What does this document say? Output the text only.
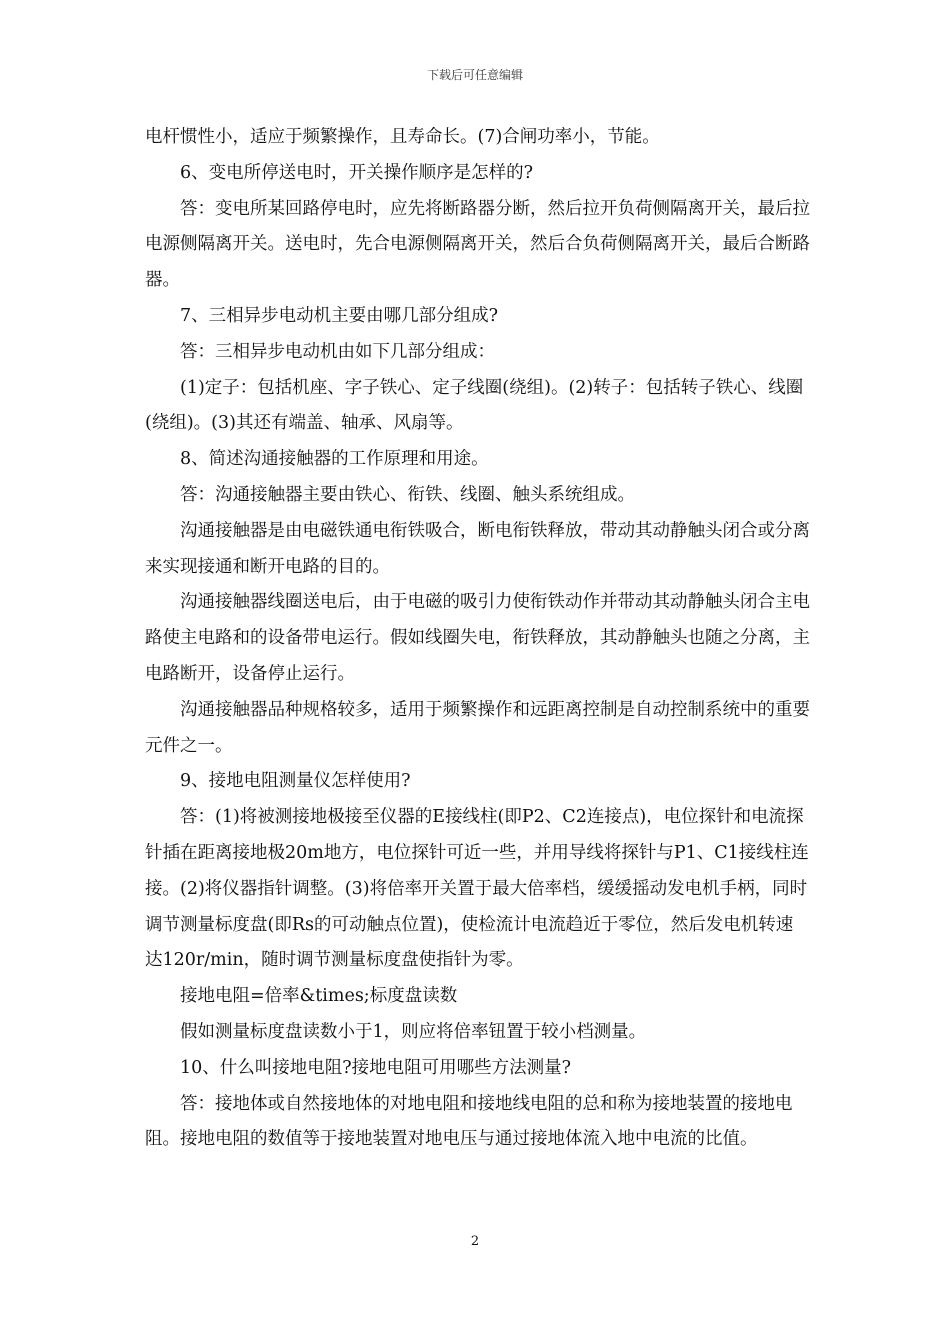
下载后可任意编辑

电杆惯性小，适应于频繁操作，且寿命长。(7)合闸功率小，节能。

6、变电所停送电时，开关操作顺序是怎样的?

答：变电所某回路停电时，应先将断路器分断，然后拉开负荷侧隔离开关，最后拉电源侧隔离开关。送电时，先合电源侧隔离开关，然后合负荷侧隔离开关，最后合断路器。

7、三相异步电动机主要由哪几部分组成?

答：三相异步电动机由如下几部分组成：

(1)定子：包括机座、字子铁心、定子线圈(绕组)。(2)转子：包括转子铁心、线圈(绕组)。(3)其还有端盖、轴承、风扇等。

8、简述沟通接触器的工作原理和用途。

答：沟通接触器主要由铁心、衔铁、线圈、触头系统组成。

沟通接触器是由电磁铁通电衔铁吸合，断电衔铁释放，带动其动静触头闭合或分离来实现接通和断开电路的目的。

沟通接触器线圈送电后，由于电磁的吸引力使衔铁动作并带动其动静触头闭合主电路使主电路和的设备带电运行。假如线圈失电，衔铁释放，其动静触头也随之分离，主电路断开，设备停止运行。

沟通接触器品种规格较多，适用于频繁操作和远距离控制是自动控制系统中的重要元件之一。

9、接地电阻测量仪怎样使用?

答：(1)将被测接地极接至仪器的E接线柱(即P2、C2连接点)，电位探针和电流探针插在距离接地极20m地方，电位探针可近一些，并用导线将探针与P1、C1接线柱连接。(2)将仪器指针调整。(3)将倍率开关置于最大倍率档，缓缓摇动发电机手柄，同时调节测量标度盘(即Rs的可动触点位置)，使检流计电流趋近于零位，然后发电机转速达120r/min，随时调节测量标度盘使指针为零。

接地电阻=倍率&times;标度盘读数

假如测量标度盘读数小于1，则应将倍率钮置于较小档测量。

10、什么叫接地电阻?接地电阻可用哪些方法测量?

答：接地体或自然接地体的对地电阻和接地线电阻的总和称为接地装置的接地电阻。接地电阻的数值等于接地装置对地电压与通过接地体流入地中电流的比值。

2
